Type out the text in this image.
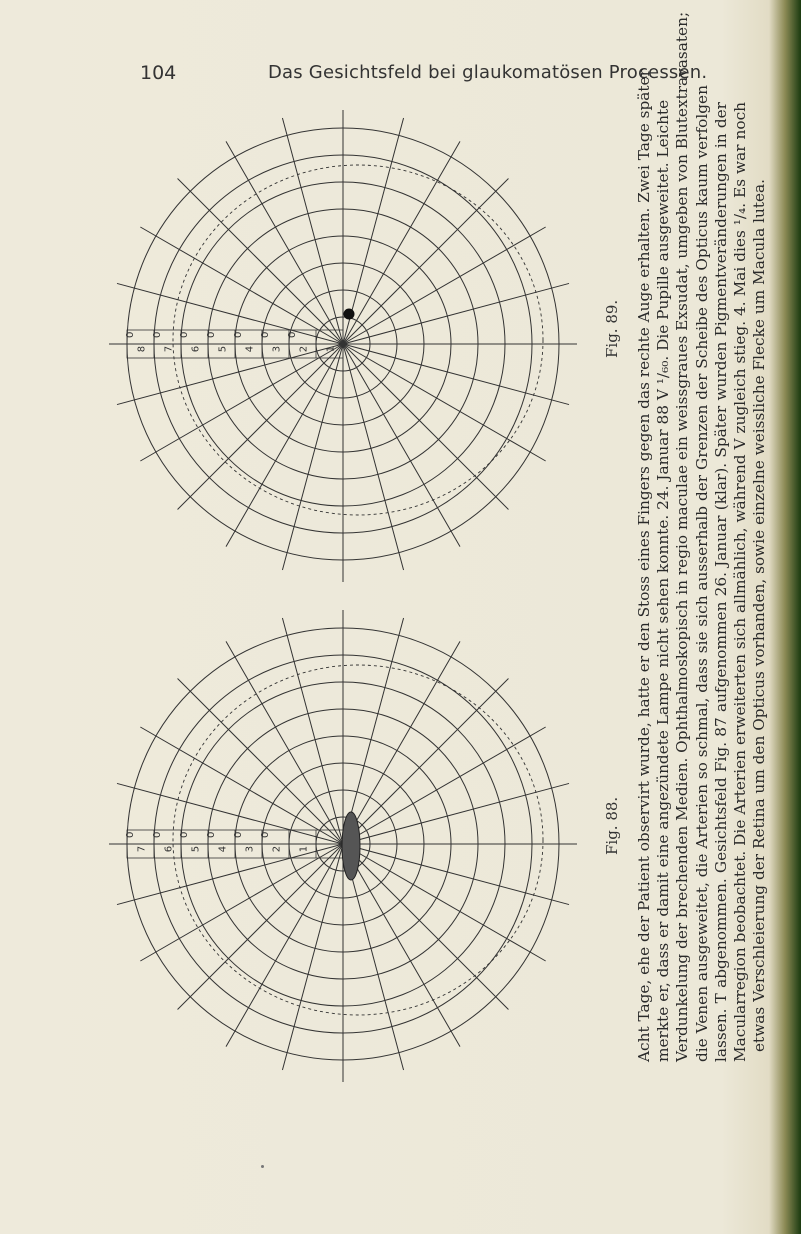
104	Das Gesichtsfeld bei glaukomatösen Processen.
8 7 6 5 4 3 2 1
0 0 0 0 0 0 0	Fig. 89.
7 6 5 4 3 2 1
0 0 0 0 0 0	Fig. 88. Acht Tage, ehe der Patient observirt wurde, hatte er den Stoss eines Fingers gegen das rechte Auge erhalten. Zwei Tage später merkte er, dass er damit eine angezündete Lampe nicht sehen konnte. 24. Januar 88 V ¹/₆₀. Die Pupille ausgeweitet. Leichte Verdunkelung der brechenden Medien. Ophthalmoskopisch in regio maculae ein weissgraues Exsudat, umgeben von Blutextravasaten; die Venen ausgeweitet, die Arterien so schmal, dass sie sich ausserhalb der Grenzen der Scheibe des Opticus kaum verfolgen lassen. T abgenommen. Gesichtsfeld Fig. 87 aufgenommen 26. Januar (klar). Später wurden Pigmentveränderungen in der Macularregion beobachtet. Die Arterien erweiterten sich allmählich, während V zugleich stieg. 4. Mai dies ¹/₄. Es war noch etwas Verschleierung der Retina um den Opticus vorhanden, sowie einzelne weissliche Flecke um Macula lutea.
